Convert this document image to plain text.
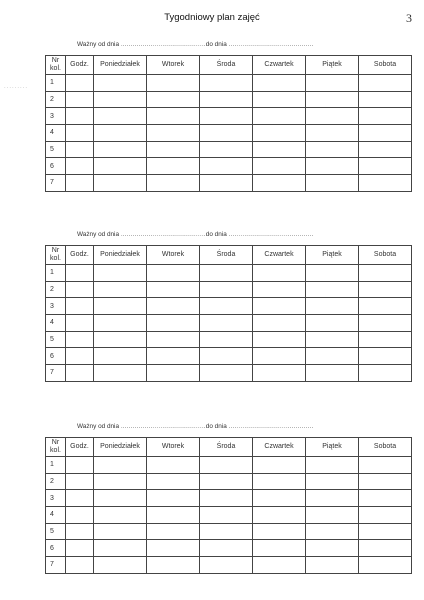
Tygodniowy plan zajęć	3
.........
Ważny od dnia ...........................................do dnia ...........................................
Nr
kol.	Godz.	Poniedziałek	Wtorek	Środa	Czwartek	Piątek	Sobota
1							
2							
3							
4							
5							
6							
7							
Ważny od dnia ...........................................do dnia ...........................................
Nr
kol.	Godz.	Poniedziałek	Wtorek	Środa	Czwartek	Piątek	Sobota
1							
2							
3							
4							
5							
6							
7							
Ważny od dnia ...........................................do dnia ...........................................
Nr
kol.	Godz.	Poniedziałek	Wtorek	Środa	Czwartek	Piątek	Sobota
1							
2							
3							
4							
5							
6							
7							
